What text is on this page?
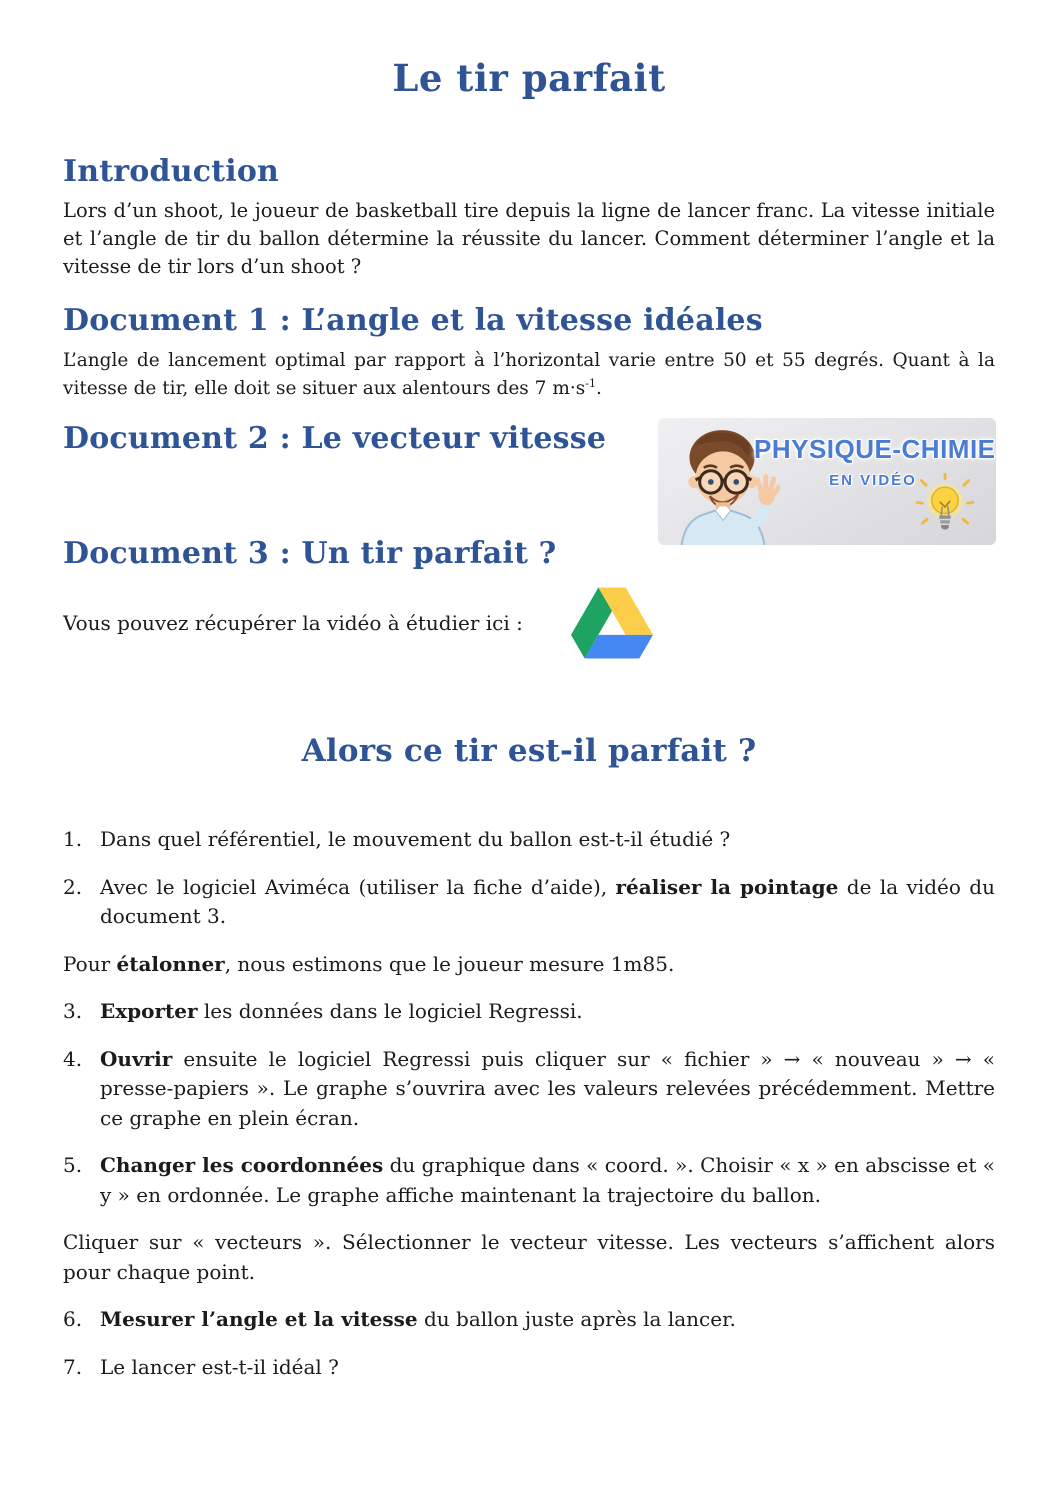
Le tir parfait
Introduction

Lors d’un shoot, le joueur de basketball tire depuis la ligne de lancer franc. La vitesse initiale et l’angle de tir du ballon détermine la réussite du lancer. Comment déterminer l’angle et la vitesse de tir lors d’un shoot ?

Document 1 : L’angle et la vitesse idéales

L’angle de lancement optimal par rapport à l’horizontal varie entre 50 et 55 degrés. Quant à la vitesse de tir, elle doit se situer aux alentours des 7 $m\cdot s^{-1}$.

Document 2 : Le vecteur vitesse	PHYSIQUE-CHIMIE
EN VIDÉO
Document 3 : Un tir parfait ?
Vous pouvez récupérer la vidéo à étudier ici :
Alors ce tir est-il parfait ?
1. Dans quel référentiel, le mouvement du ballon est-t-il étudié ?
2. Avec le logiciel Aviméca (utiliser la fiche d’aide), réaliser la pointage de la vidéo du document 3.

Pour étalonner, nous estimons que le joueur mesure 1m85.

3. Exporter les données dans le logiciel Regressi.
4. Ouvrir ensuite le logiciel Regressi puis cliquer sur « fichier » → « nouveau » → « presse-papiers ». Le graphe s’ouvrira avec les valeurs relevées précédemment. Mettre ce graphe en plein écran.
5. Changer les coordonnées du graphique dans « coord. ». Choisir « x » en abscisse et « y » en ordonnée. Le graphe affiche maintenant la trajectoire du ballon.

Cliquer sur « vecteurs ». Sélectionner le vecteur vitesse. Les vecteurs s’affichent alors pour chaque point.

6. Mesurer l’angle et la vitesse du ballon juste après la lancer.
7. Le lancer est-t-il idéal ?
